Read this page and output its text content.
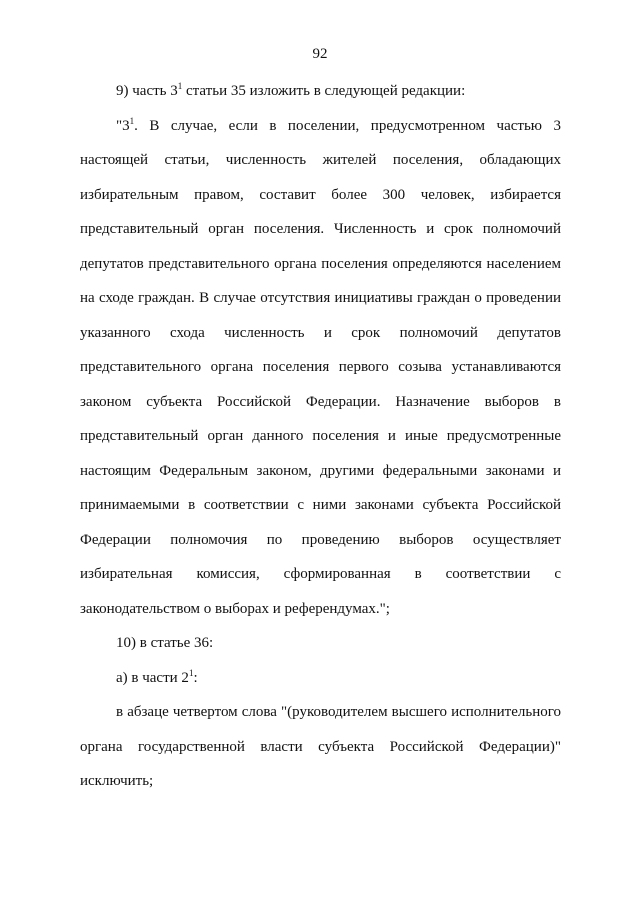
92
9) часть $3^1$ статьи 35 изложить в следующей редакции:
"$3^1$. В случае, если в поселении, предусмотренном частью 3
настоящей статьи, численность жителей поселения, обладающих
избирательным правом, составит более 300 человек, избирается
представительный орган поселения. Численность и срок полномочий
депутатов представительного органа поселения определяются населением
на сходе граждан. В случае отсутствия инициативы граждан о проведении
указанного схода численность и срок полномочий депутатов
представительного органа поселения первого созыва устанавливаются
законом субъекта Российской Федерации. Назначение выборов в
представительный орган данного поселения и иные предусмотренные
настоящим Федеральным законом, другими федеральными законами и
принимаемыми в соответствии с ними законами субъекта Российской
Федерации полномочия по проведению выборов осуществляет
избирательная комиссия, сформированная в соответствии с
законодательством о выборах и референдумах.";
10) в статье 36:
а) в части $2^1$:
в абзаце четвертом слова "(руководителем высшего исполнительного
органа государственной власти субъекта Российской Федерации)"
исключить;
